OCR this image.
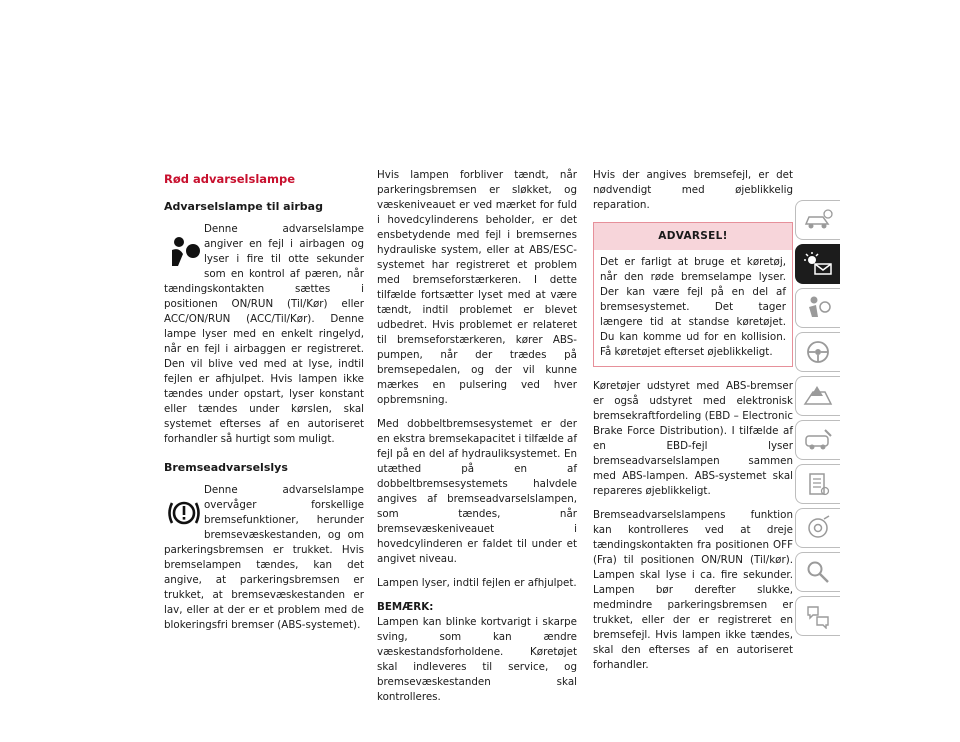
Rød advarselslampe
Advarselslampe til airbag

Denne advarselslampe angiver en fejl i airbagen og lyser i fire til otte sekunder som en kontrol af pæren, når tændingskontakten sættes i positionen ON/RUN (Til/Kør) eller ACC/ON/RUN (ACC/Til/Kør). Denne lampe lyser med en enkelt ringelyd, når en fejl i airbaggen er registreret. Den vil blive ved med at lyse, indtil fejlen er afhjulpet. Hvis lampen ikke tændes under opstart, lyser konstant eller tændes under kørslen, skal systemet efterses af en autoriseret forhandler så hurtigt som muligt.

Bremseadvarselslys

Denne advarselslampe overvåger forskellige bremsefunktioner, herunder bremsevæskestanden, og om parkeringsbremsen er trukket. Hvis bremselampen tændes, kan det angive, at parkeringsbremsen er trukket, at bremsevæskestanden er lav, eller at der er et problem med de blokeringsfri bremser (ABS-systemet).

Hvis lampen forbliver tændt, når parkeringsbremsen er sløkket, og væskeniveauet er ved mærket for fuld i hovedcylinderens beholder, er det ensbetydende med fejl i bremsernes hydrauliske system, eller at ABS/ESC-systemet har registreret et problem med bremseforstærkeren. I dette tilfælde fortsætter lyset med at være tændt, indtil problemet er blevet udbedret. Hvis problemet er relateret til bremseforstærkeren, kører ABS-pumpen, når der trædes på bremsepedalen, og der vil kunne mærkes en pulsering ved hver opbremsning.

Med dobbeltbremsesystemet er der en ekstra bremsekapacitet i tilfælde af fejl på en del af hydrauliksystemet. En utæthed på en af dobbeltbremsesystemets halvdele angives af bremseadvarselslampen, som tændes, når bremsevæskeniveauet i hovedcylinderen er faldet til under et angivet niveau.

Lampen lyser, indtil fejlen er afhjulpet.

BEMÆRK:

Lampen kan blinke kortvarigt i skarpe sving, som kan ændre væskestandsforholdene. Køretøjet skal indleveres til service, og bremsevæskestanden skal kontrolleres.

Hvis der angives bremsefejl, er det nødvendigt med øjeblikkelig reparation.

ADVARSEL!
Det er farligt at bruge et køretøj, når den røde bremselampe lyser. Der kan være fejl på en del af bremsesystemet. Det tager længere tid at standse køretøjet. Du kan komme ud for en kollision. Få køretøjet efterset øjeblikkeligt.

Køretøjer udstyret med ABS-bremser er også udstyret med elektronisk bremsekraftfordeling (EBD – Electronic Brake Force Distribution). I tilfælde af en EBD-fejl lyser bremseadvarselslampen sammen med ABS-lampen. ABS-systemet skal repareres øjeblikkeligt.

Bremseadvarselslampens funktion kan kontrolleres ved at dreje tændingskontakten fra positionen OFF (Fra) til positionen ON/RUN (Til/kør). Lampen skal lyse i ca. fire sekunder. Lampen bør derefter slukke, medmindre parkeringsbremsen er trukket, eller der er registreret en bremsefejl. Hvis lampen ikke tændes, skal den efterses af en autoriseret forhandler.
